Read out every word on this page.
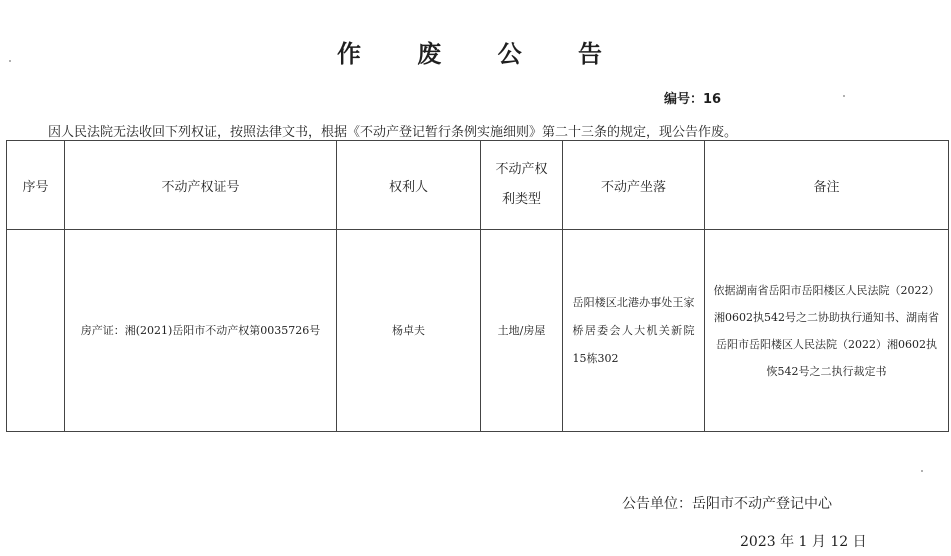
作 废 公 告
编号：16
因人民法院无法收回下列权证，按照法律文书，根据《不动产登记暂行条例实施细则》第二十三条的规定，现公告作废。
序号	不动产权证号	权利人	不动产权利类型	不动产坐落	备注
	房产证：湘(2021)岳阳市不动产权第0035726号	杨卓夫	土地/房屋	岳阳楼区北港办事处王家桥居委会人大机关新院15栋302	依据湖南省岳阳市岳阳楼区人民法院（2022）湘0602执542号之二协助执行通知书、湖南省岳阳市岳阳楼区人民法院（2022）湘0602执恢542号之二执行裁定书
公告单位：岳阳市不动产登记中心
2023 年 1 月 12 日
